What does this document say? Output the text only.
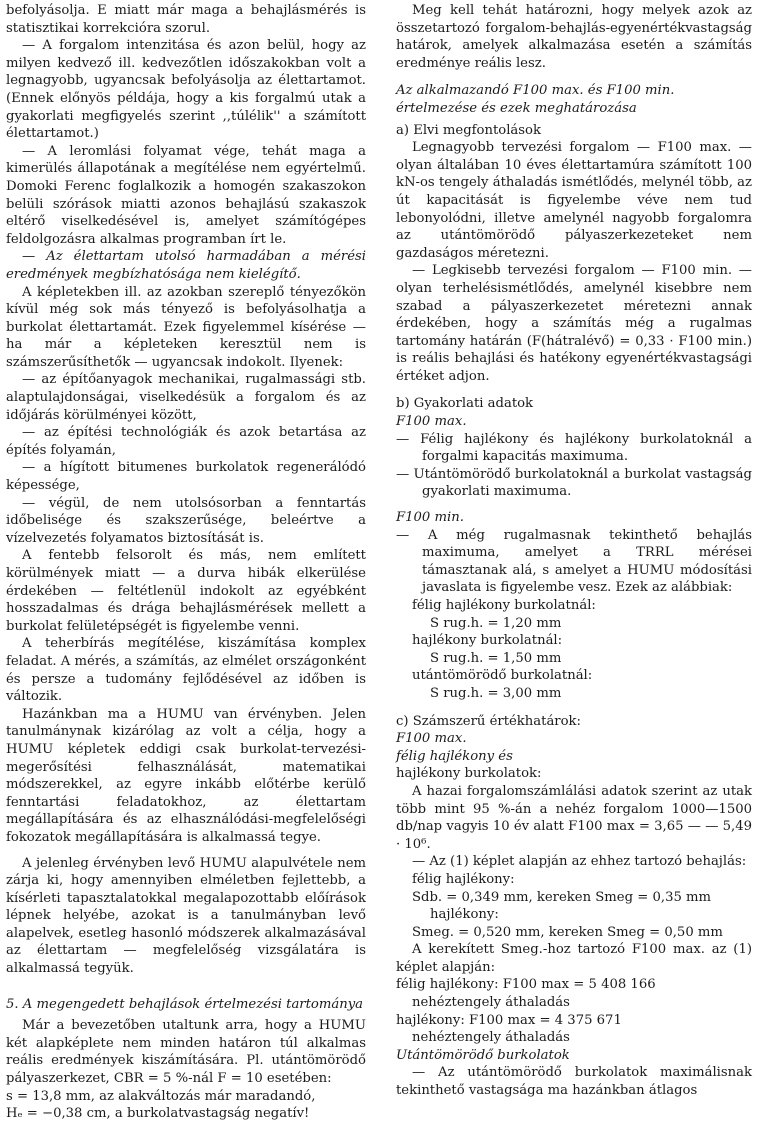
befolyásolja. E miatt már maga a behajlásmérés is statisztikai korrekcióra szorul.

— A forgalom intenzitása és azon belül, hogy az milyen kedvező ill. kedvezőtlen időszakokban volt a legnagyobb, ugyancsak befolyásolja az élettartamot. (Ennek előnyös példája, hogy a kis forgalmú utak a gyakorlati megfigyelés szerint ,,túlélik'' a számított élettartamot.)

— A leromlási folyamat vége, tehát maga a kimerülés állapotának a megítélése nem egyértelmű. Domoki Ferenc foglalkozik a homogén szakaszokon belüli szórások miatti azonos behajlású szakaszok eltérő viselkedésével is, amelyet számítógépes feldolgozásra alkalmas programban írt le.

— Az élettartam utolsó harmadában a mérési eredmények megbízhatósága nem kielégítő.

A képletekben ill. az azokban szereplő tényezőkön kívül még sok más tényező is befolyásolhatja a burkolat élettartamát. Ezek figyelemmel kísérése — ha már a képleteken keresztül nem is számszerűsíthetők — ugyancsak indokolt. Ilyenek:

— az építőanyagok mechanikai, rugalmassági stb. alaptulajdonságai, viselkedésük a forgalom és az időjárás körülményei között,

— az építési technológiák és azok betartása az építés folyamán,

— a hígított bitumenes burkolatok regenerálódó képessége,

— végül, de nem utolsósorban a fenntartás időbelisége és szakszerűsége, beleértve a vízelvezetés folyamatos biztosítását is.

A fentebb felsorolt és más, nem említett körülmények miatt — a durva hibák elkerülése érdekében — feltétlenül indokolt az egyébként hosszadalmas és drága behajlásmérések mellett a burkolat felületépségét is figyelembe venni.

A teherbírás megítélése, kiszámítása komplex feladat. A mérés, a számítás, az elmélet országonként és persze a tudomány fejlődésével az időben is változik.

Hazánkban ma a HUMU van érvényben. Jelen tanulmánynak kizárólag az volt a célja, hogy a HUMU képletek eddigi csak burkolat-tervezési-megerősítési felhasználását, matematikai módszerekkel, az egyre inkább előtérbe kerülő fenntartási feladatokhoz, az élettartam megállapítására és az elhasználódási-megfelelőségi fokozatok megállapítására is alkalmassá tegye.

A jelenleg érvényben levő HUMU alapulvétele nem zárja ki, hogy amennyiben elméletben fejlettebb, a kísérleti tapasztalatokkal megalapozottabb előírások lépnek helyébe, azokat is a tanulmányban levő alapelvek, esetleg hasonló módszerek alkalmazásával az élettartam — megfelelőség vizsgálatára is alkalmassá tegyük.

5. A megengedett behajlások értelmezési tartománya

Már a bevezetőben utaltunk arra, hogy a HUMU két alapképlete nem minden határon túl alkalmas reális eredmények kiszámítására. Pl. utántömörödő pályaszerkezet, CBR = 5 %-nál F = 10 esetében:

s = 13,8 mm, az alakváltozás már maradandó,

Hₑ = −0,38 cm, a burkolatvastagság negatív!

Meg kell tehát határozni, hogy melyek azok az összetartozó forgalom-behajlás-egyenértékvastagság határok, amelyek alkalmazása esetén a számítás eredménye reális lesz.

Az alkalmazandó F100 max. és F100 min. értelmezése és ezek meghatározása

a) Elvi megfontolások

Legnagyobb tervezési forgalom — F100 max. — olyan általában 10 éves élettartamúra számított 100 kN-os tengely áthaladás ismétlődés, melynél több, az út kapacitását is figyelembe véve nem tud lebonyolódni, illetve amelynél nagyobb forgalomra az utántömörödő pályaszerkezeteket nem gazdaságos méretezni.

— Legkisebb tervezési forgalom — F100 min. — olyan terhelésismétlődés, amelynél kisebbre nem szabad a pályaszerkezetet méretezni annak érdekében, hogy a számítás még a rugalmas tartomány határán (F(hátralévő) = 0,33 · F100 min.) is reális behajlási és hatékony egyenértékvastagsági értéket adjon.

b) Gyakorlati adatok

F100 max.

— Félig hajlékony és hajlékony burkolatoknál a forgalmi kapacitás maximuma.

— Utántömörödő burkolatoknál a burkolat vastagság gyakorlati maximuma.

F100 min.

— A még rugalmasnak tekinthető behajlás maximuma, amelyet a TRRL mérései támasztanak alá, s amelyet a HUMU módosítási javaslata is figyelembe vesz. Ezek az alábbiak:

félig hajlékony burkolatnál:

S rug.h. = 1,20 mm

hajlékony burkolatnál:

S rug.h. = 1,50 mm

utántömörödő burkolatnál:

S rug.h. = 3,00 mm

c) Számszerű értékhatárok:

F100 max.

félig hajlékony és

hajlékony burkolatok:

A hazai forgalomszámlálási adatok szerint az utak több mint 95 %-án a nehéz forgalom 1000—1500 db/nap vagyis 10 év alatt F100 max = 3,65 — — 5,49 · 10⁶.

— Az (1) képlet alapján az ehhez tartozó behajlás:

félig hajlékony:

Sdb. = 0,349 mm, kereken Smeg = 0,35 mm

hajlékony:

Smeg. = 0,520 mm, kereken Smeg = 0,50 mm

A kerekített Smeg.-hoz tartozó F100 max. az (1) képlet alapján:

félig hajlékony: F100 max = 5 408 166

nehéztengely áthaladás

hajlékony: F100 max = 4 375 671

nehéztengely áthaladás

Utántömörödő burkolatok

— Az utántömörödő burkolatok maximálisnak tekinthető vastagsága ma hazánkban átlagos
